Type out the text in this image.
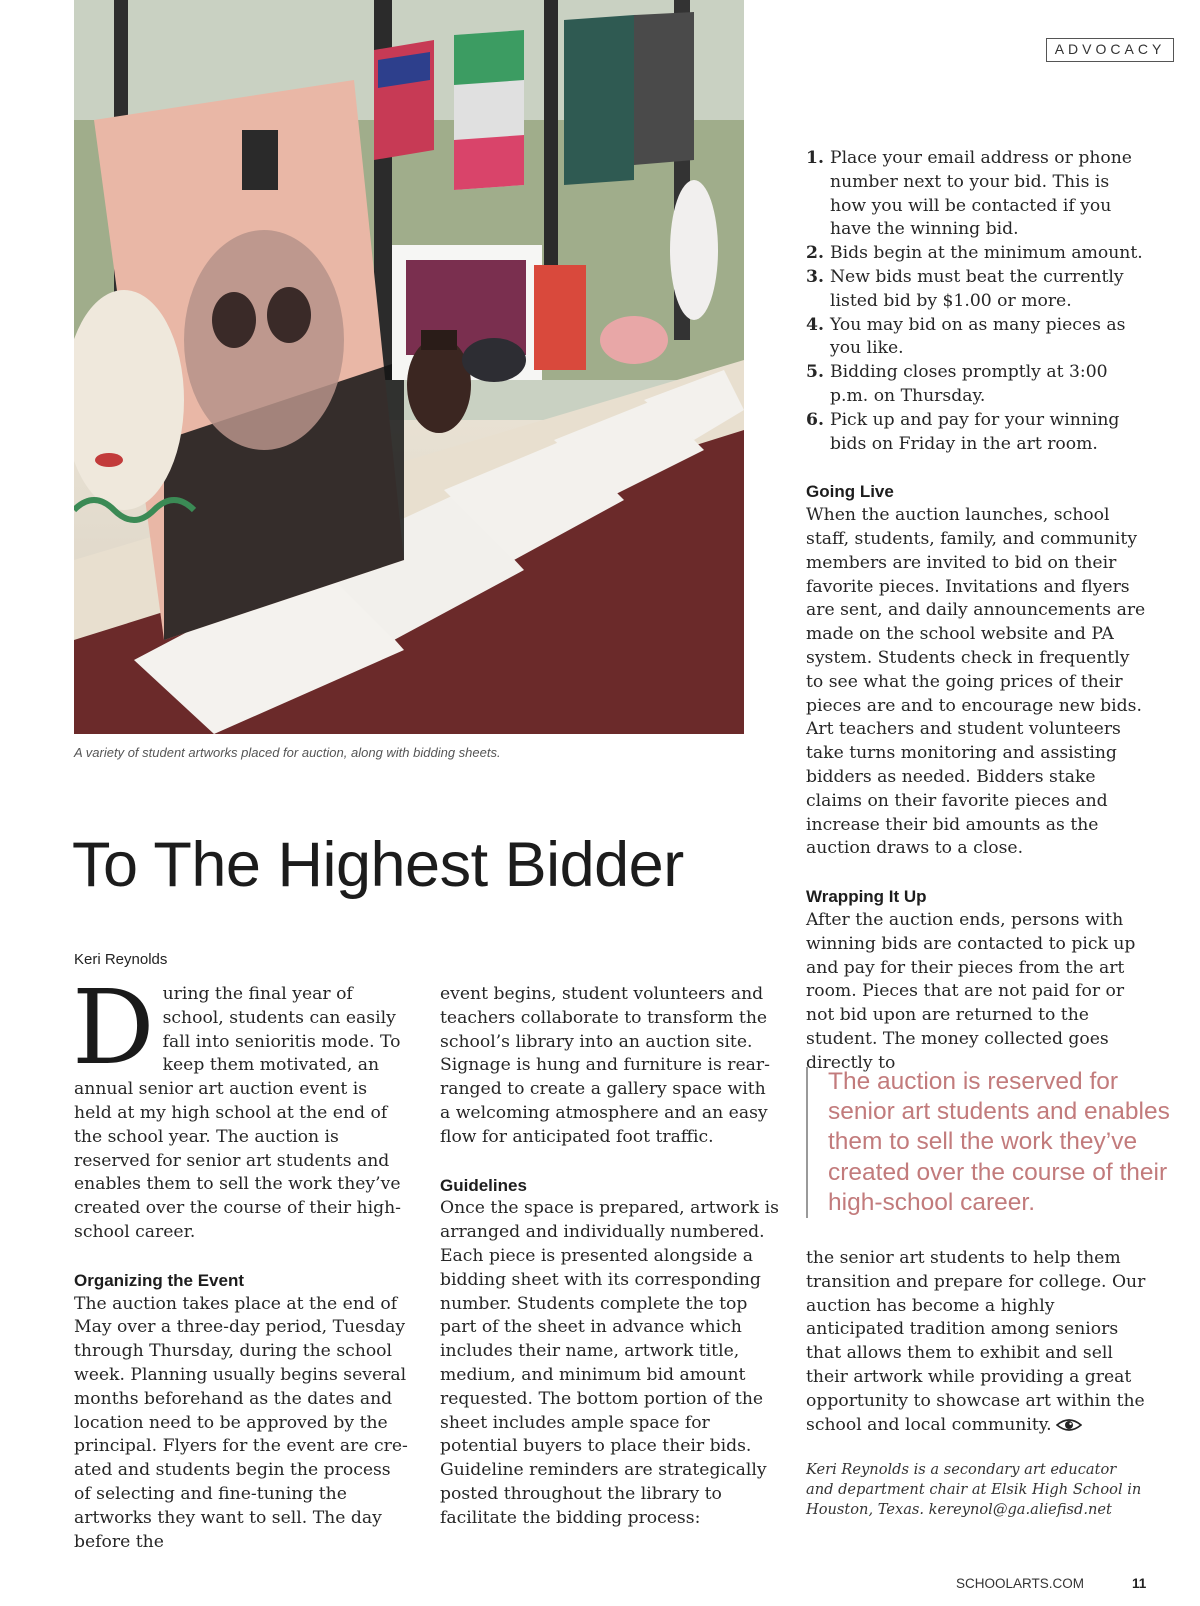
A variety of student artworks placed for auction, along with bidding sheets.
ADVOCACY
To The Highest Bidder
Keri Reynolds

During the final year of school, students can easily fall into senioritis mode. To keep them motivated, an annual senior art auction event is held at my high school at the end of the school year. The auction is reserved for senior art students and enables them to sell the work they’ve created over the course of their high-school career.

Organizing the Event

The auction takes place at the end of May over a three-day period, Tuesday through Thursday, during the school week. Planning usually begins several months beforehand as the dates and location need to be approved by the principal. Flyers for the event are created and students begin the process of selecting and fine-tuning the artworks they want to sell. The day before the

event begins, student volunteers and teachers collaborate to transform the school’s library into an auction site. Signage is hung and furniture is rearranged to create a gallery space with a welcoming atmosphere and an easy flow for anticipated foot traffic.

Guidelines

Once the space is prepared, artwork is arranged and individually numbered. Each piece is presented alongside a bidding sheet with its corresponding number. Students complete the top part of the sheet in advance which includes their name, artwork title, medium, and minimum bid amount requested. The bottom portion of the sheet includes ample space for potential buyers to place their bids. Guideline reminders are strategically posted throughout the library to facilitate the bidding process:

1. Place your email address or phone number next to your bid. This is how you will be contacted if you have the winning bid.
2. Bids begin at the minimum amount.
3. New bids must beat the currently listed bid by $1.00 or more.
4. You may bid on as many pieces as you like.
5. Bidding closes promptly at 3:00 p.m. on Thursday.
6. Pick up and pay for your winning bids on Friday in the art room.
Going Live

When the auction launches, school staff, students, family, and community members are invited to bid on their favorite pieces. Invitations and flyers are sent, and daily announcements are made on the school website and PA system. Students check in frequently to see what the going prices of their pieces are and to encourage new bids. Art teachers and student volunteers take turns monitoring and assisting bidders as needed. Bidders stake claims on their favorite pieces and increase their bid amounts as the auction draws to a close.

Wrapping It Up

After the auction ends, persons with winning bids are contacted to pick up and pay for their pieces from the art room. Pieces that are not paid for or not bid upon are returned to the student. The money collected goes directly to

The auction is reserved for senior art students and enables them to sell the work they’ve created over the course of their high-school career.

the senior art students to help them transition and prepare for college. Our auction has become a highly anticipated tradition among seniors that allows them to exhibit and sell their artwork while providing a great opportunity to showcase art within the school and local community.

Keri Reynolds is a secondary art educator and department chair at Elsik High School in Houston, Texas. kereynol@ga.aliefisd.net
SCHOOLARTS.COM	11
